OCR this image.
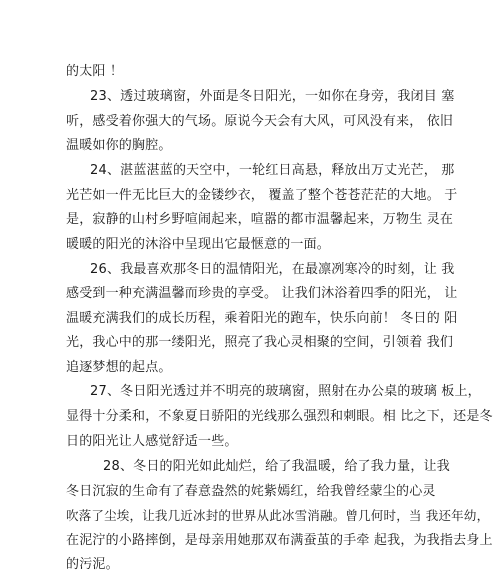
的太阳 ！
23、透过玻璃窗，外面是冬日阳光，一如你在身旁，我闭目 塞
听，感受着你强大的气场。原说今天会有大风，可风没有来， 依旧
温暖如你的胸腔。
24、湛蓝湛蓝的天空中，一轮红日高悬，释放出万丈光芒， 那
光芒如一件无比巨大的金镂纱衣， 覆盖了整个苍苍茫茫的大地。 于
是，寂静的山村乡野喧闹起来，喧嚣的都市温馨起来，万物生 灵在
暖暖的阳光的沐浴中呈现出它最惬意的一面。
26、我最喜欢那冬日的温情阳光，在最凛冽寒冷的时刻，让 我
感受到一种充满温馨而珍贵的享受。 让我们沐浴着四季的阳光， 让
温暖充满我们的成长历程，乘着阳光的跑车，快乐向前！ 冬日的 阳
光，我心中的那一缕阳光，照亮了我心灵相聚的空间，引领着 我们
追逐梦想的起点。
27、冬日阳光透过并不明亮的玻璃窗，照射在办公桌的玻璃 板上，
显得十分柔和，不象夏日骄阳的光线那么强烈和刺眼。相 比之下，还是冬
日的阳光让人感觉舒适一些。
28、冬日的阳光如此灿烂，给了我温暖，给了我力量，让我
冬日沉寂的生命有了春意盎然的姹紫嫣红，给我曾经蒙尘的心灵
吹落了尘埃，让我几近冰封的世界从此冰雪消融。曾几何时，当 我还年幼，
在泥泞的小路摔倒，是母亲用她那双布满蚕茧的手牵 起我，为我指去身上
的污泥。
